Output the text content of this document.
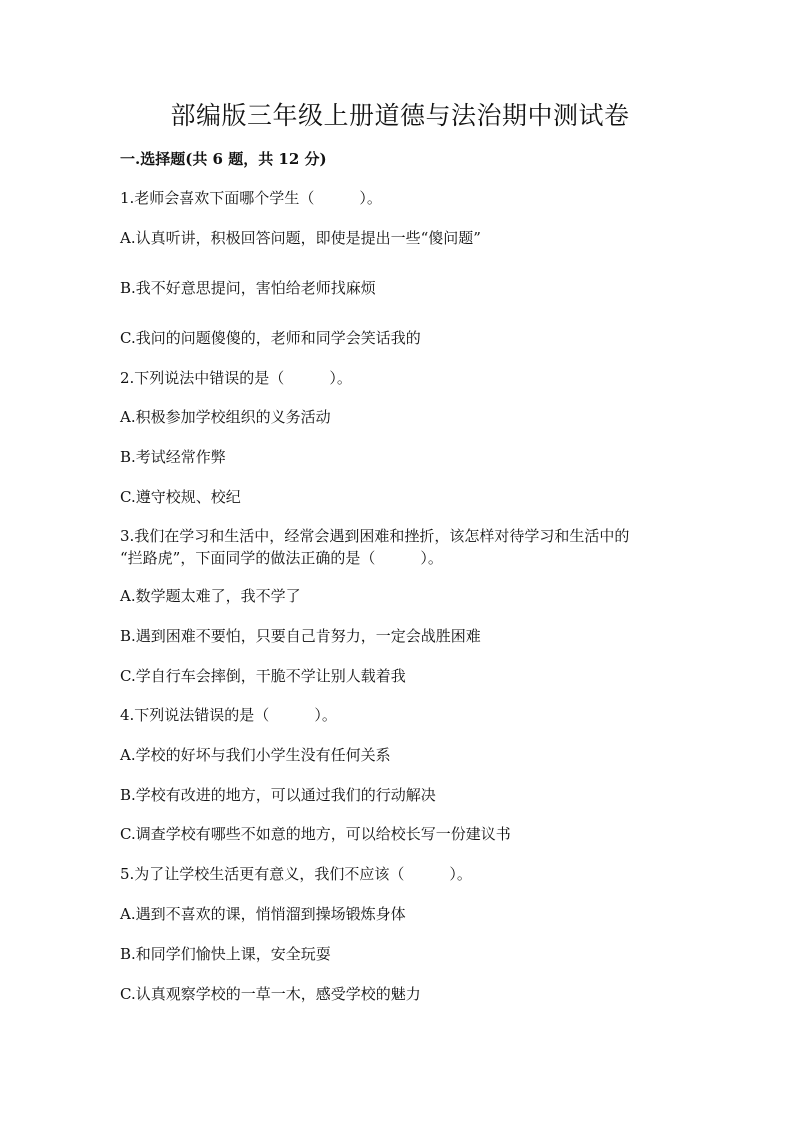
部编版三年级上册道德与法治期中测试卷
一.选择题(共 6 题，共 12 分)
1.老师会喜欢下面哪个学生（　　　）。
A.认真听讲，积极回答问题，即使是提出一些“傻问题”
B.我不好意思提问，害怕给老师找麻烦
C.我问的问题傻傻的，老师和同学会笑话我的
2.下列说法中错误的是（　　　）。
A.积极参加学校组织的义务活动
B.考试经常作弊
C.遵守校规、校纪
3.我们在学习和生活中，经常会遇到困难和挫折，该怎样对待学习和生活中的
“拦路虎”，下面同学的做法正确的是（　　　）。
A.数学题太难了，我不学了
B.遇到困难不要怕，只要自己肯努力，一定会战胜困难
C.学自行车会摔倒，干脆不学让别人载着我
4.下列说法错误的是（　　　）。
A.学校的好坏与我们小学生没有任何关系
B.学校有改进的地方，可以通过我们的行动解决
C.调查学校有哪些不如意的地方，可以给校长写一份建议书
5.为了让学校生活更有意义，我们不应该（　　　）。
A.遇到不喜欢的课，悄悄溜到操场锻炼身体
B.和同学们愉快上课，安全玩耍
C.认真观察学校的一草一木，感受学校的魅力
